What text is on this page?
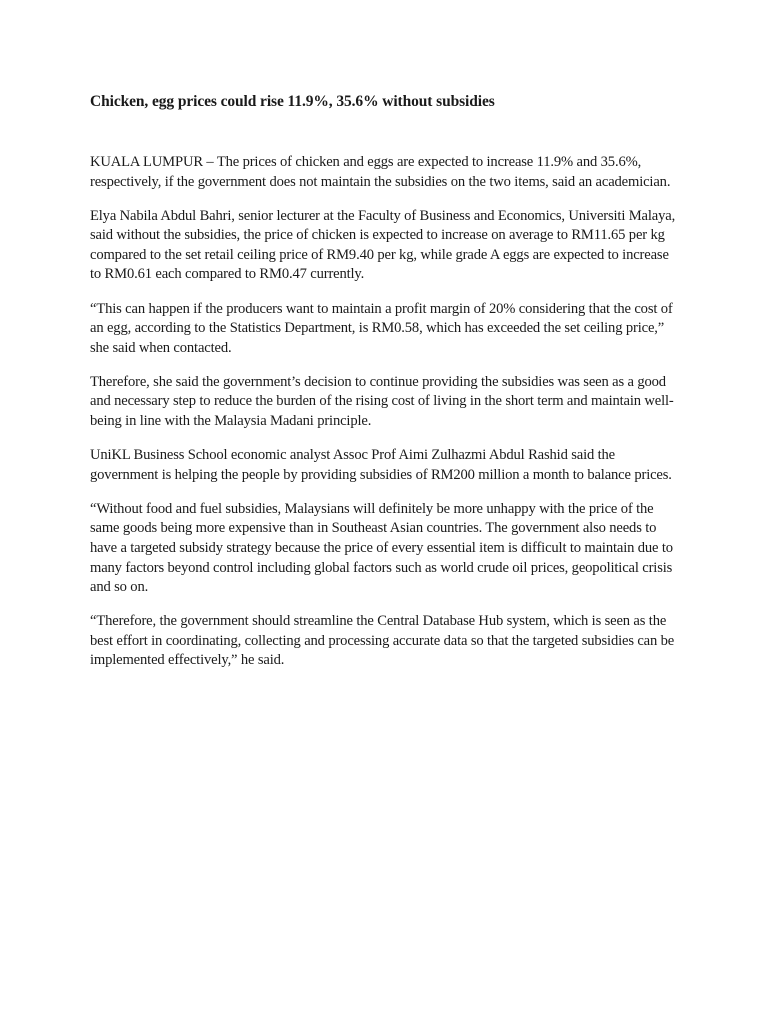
Chicken, egg prices could rise 11.9%, 35.6% without subsidies

KUALA LUMPUR – The prices of chicken and eggs are expected to increase 11.9% and 35.6%, respectively, if the government does not maintain the subsidies on the two items, said an academician.

Elya Nabila Abdul Bahri, senior lecturer at the Faculty of Business and Economics, Universiti Malaya, said without the subsidies, the price of chicken is expected to increase on average to RM11.65 per kg compared to the set retail ceiling price of RM9.40 per kg, while grade A eggs are expected to increase to RM0.61 each compared to RM0.47 currently.

“This can happen if the producers want to maintain a profit margin of 20% considering that the cost of an egg, according to the Statistics Department, is RM0.58, which has exceeded the set ceiling price,” she said when contacted.

Therefore, she said the government’s decision to continue providing the subsidies was seen as a good and necessary step to reduce the burden of the rising cost of living in the short term and maintain well-being in line with the Malaysia Madani principle.

UniKL Business School economic analyst Assoc Prof Aimi Zulhazmi Abdul Rashid said the government is helping the people by providing subsidies of RM200 million a month to balance prices.

“Without food and fuel subsidies, Malaysians will definitely be more unhappy with the price of the same goods being more expensive than in Southeast Asian countries. The government also needs to have a targeted subsidy strategy because the price of every essential item is difficult to maintain due to many factors beyond control including global factors such as world crude oil prices, geopolitical crisis and so on.

“Therefore, the government should streamline the Central Database Hub system, which is seen as the best effort in coordinating, collecting and processing accurate data so that the targeted subsidies can be implemented effectively,” he said.
